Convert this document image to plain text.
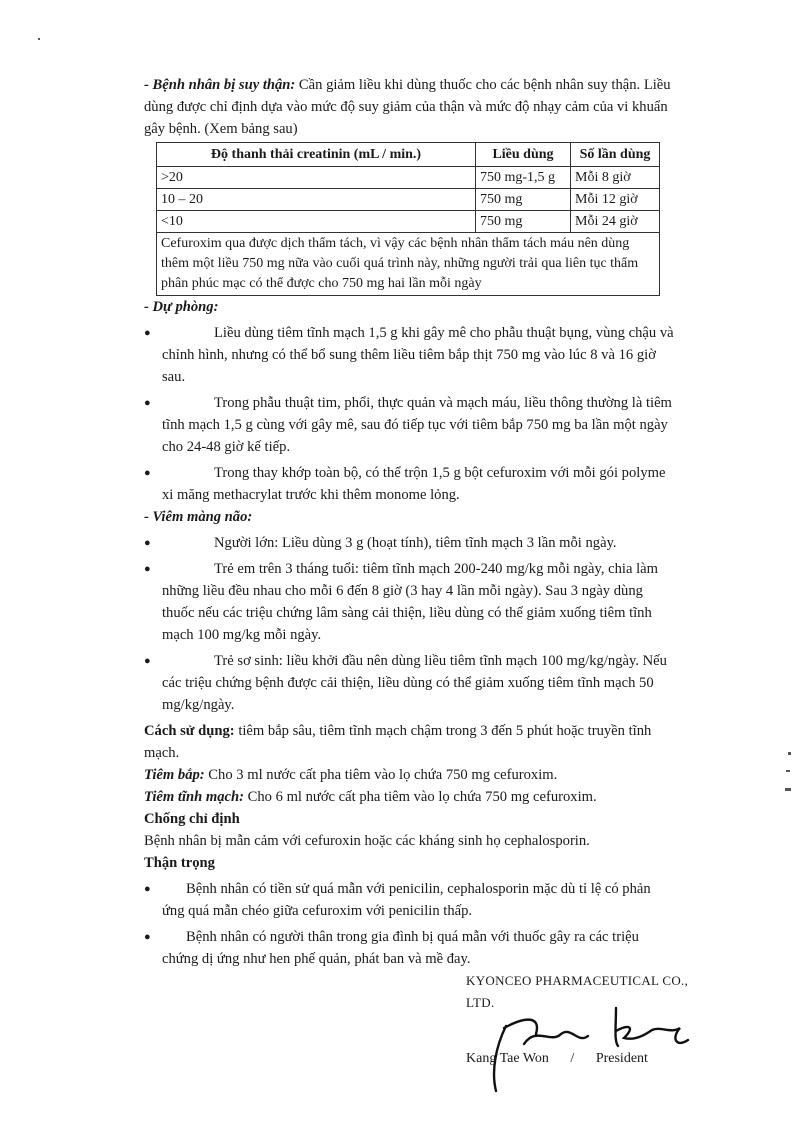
- Bệnh nhân bị suy thận: Cần giảm liều khi dùng thuốc cho các bệnh nhân suy thận. Liều dùng được chỉ định dựa vào mức độ suy giảm của thận và mức độ nhạy cảm của vi khuẩn gây bệnh. (Xem bảng sau)

Độ thanh thải creatinin (mL / min.)	Liều dùng	Số lần dùng
>20	750 mg-1,5 g	Mỗi 8 giờ
10 – 20	750 mg	Mỗi 12 giờ
<10	750 mg	Mỗi 24 giờ
Cefuroxim qua được dịch thẩm tách, vì vậy các bệnh nhân thẩm tách máu nên dùng thêm một liều 750 mg nữa vào cuối quá trình này, những người trải qua liên tục thẩm phân phúc mạc có thể được cho 750 mg hai lần mỗi ngày		

- Dự phòng:

●	Liều dùng tiêm tĩnh mạch 1,5 g khi gây mê cho phẫu thuật bụng, vùng chậu và chỉnh hình, nhưng có thể bổ sung thêm liều tiêm bắp thịt 750 mg vào lúc 8 và 16 giờ sau.
●	Trong phẫu thuật tim, phổi, thực quản và mạch máu, liều thông thường là tiêm tĩnh mạch 1,5 g cùng với gây mê, sau đó tiếp tục với tiêm bắp 750 mg ba lần một ngày cho 24-48 giờ kế tiếp.
●	Trong thay khớp toàn bộ, có thể trộn 1,5 g bột cefuroxim với mỗi gói polyme xi măng methacrylat trước khi thêm monome lỏng.

- Viêm màng não:

●	Người lớn: Liều dùng 3 g (hoạt tính), tiêm tĩnh mạch 3 lần mỗi ngày.
●	Trẻ em trên 3 tháng tuổi: tiêm tĩnh mạch 200-240 mg/kg mỗi ngày, chia làm những liều đều nhau cho mỗi 6 đến 8 giờ (3 hay 4 lần mỗi ngày). Sau 3 ngày dùng thuốc nếu các triệu chứng lâm sàng cải thiện, liều dùng có thể giảm xuống tiêm tĩnh mạch 100 mg/kg mỗi ngày.
●	Trẻ sơ sinh: liều khởi đầu nên dùng liều tiêm tĩnh mạch 100 mg/kg/ngày. Nếu các triệu chứng bệnh được cải thiện, liều dùng có thể giảm xuống tiêm tĩnh mạch 50 mg/kg/ngày.

Cách sử dụng: tiêm bắp sâu, tiêm tĩnh mạch chậm trong 3 đến 5 phút hoặc truyền tĩnh mạch.

Tiêm bắp: Cho 3 ml nước cất pha tiêm vào lọ chứa 750 mg cefuroxim.

Tiêm tĩnh mạch: Cho 6 ml nước cất pha tiêm vào lọ chứa 750 mg cefuroxim.

Chống chỉ định

Bệnh nhân bị mẫn cảm với cefuroxin hoặc các kháng sinh họ cephalosporin.

Thận trọng

●	Bệnh nhân có tiền sử quá mẫn với penicilin, cephalosporin mặc dù tỉ lệ có phản ứng quá mẫn chéo giữa cefuroxim với penicilin thấp.
●	Bệnh nhân có người thân trong gia đình bị quá mẫn với thuốc gây ra các triệu chứng dị ứng như hen phế quản, phát ban và mề đay.
KYONCEO PHARMACEUTICAL CO., LTD.
Kang Tae Won / President
